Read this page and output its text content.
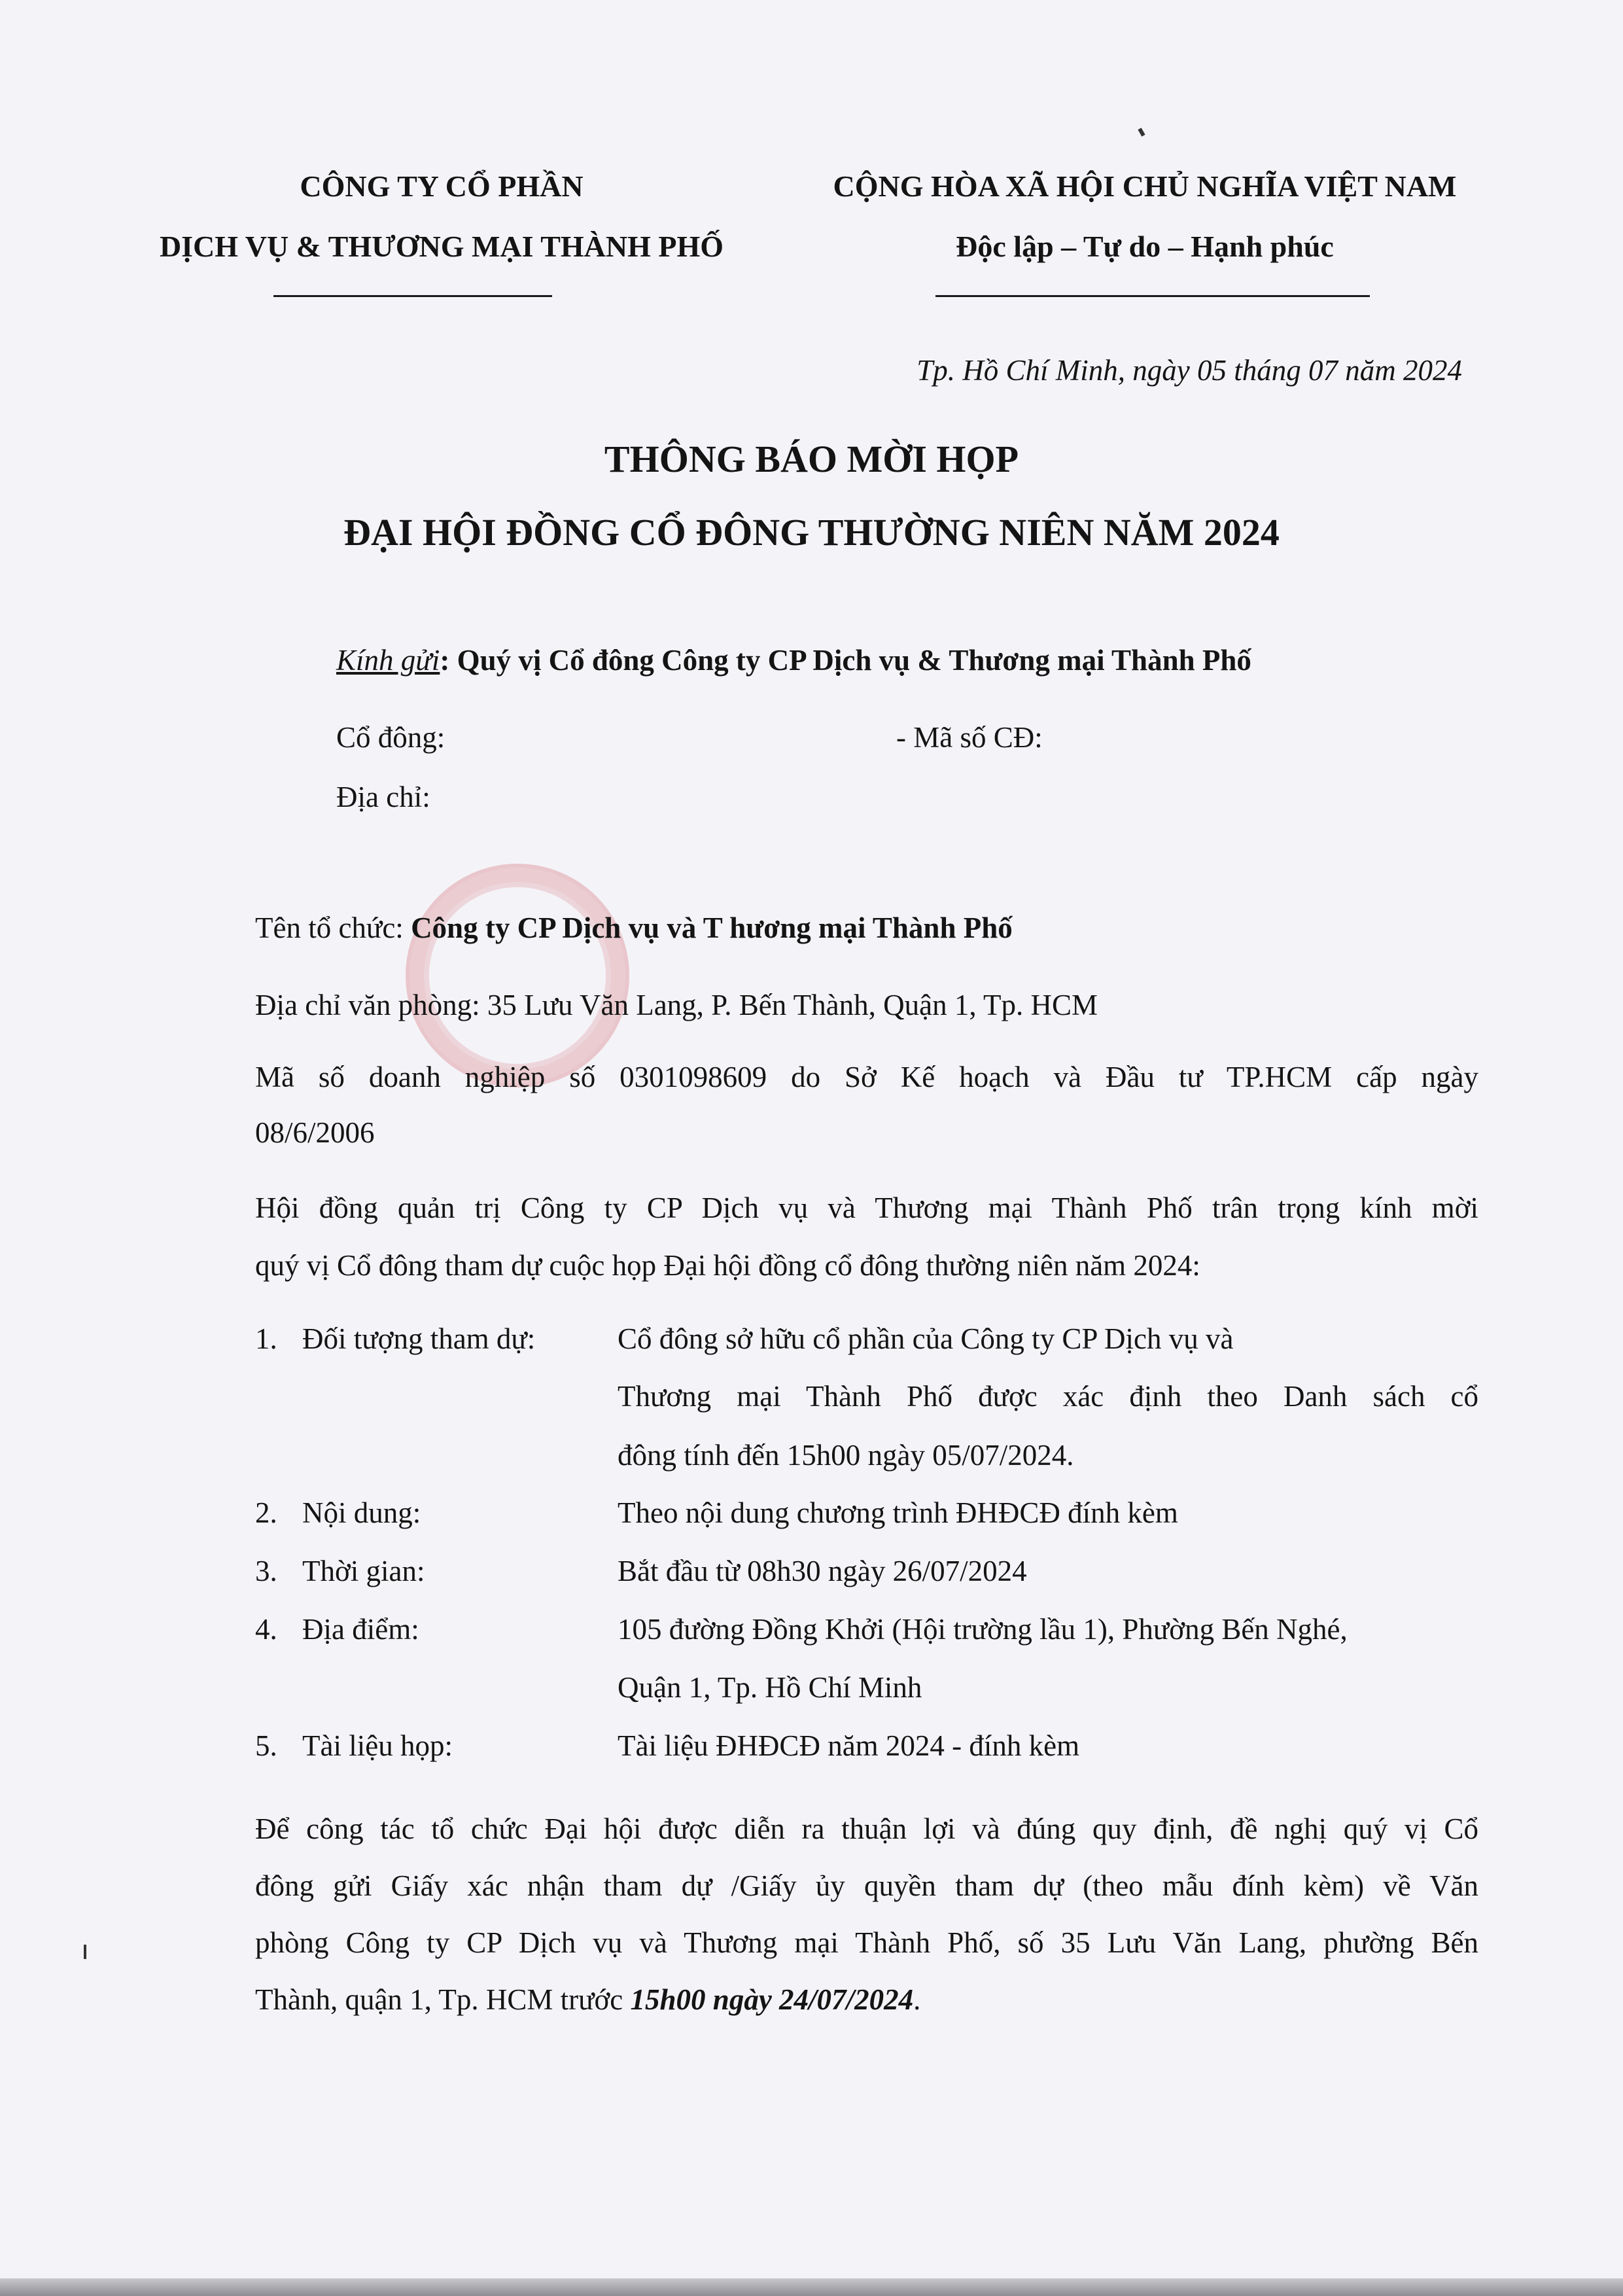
CÔNG TY CỔ PHẦN
DỊCH VỤ & THƯƠNG MẠI THÀNH PHỐ
CỘNG HÒA XÃ HỘI CHỦ NGHĨA VIỆT NAM
Độc lập – Tự do – Hạnh phúc
Tp. Hồ Chí Minh, ngày 05 tháng 07 năm 2024
THÔNG BÁO MỜI HỌP
ĐẠI HỘI ĐỒNG CỔ ĐÔNG THƯỜNG NIÊN NĂM 2024
Kính gửi: Quý vị Cổ đông Công ty CP Dịch vụ & Thương mại Thành Phố
Cổ đông:	- Mã số CĐ:
Địa chỉ:
Tên tổ chức: Công ty CP Dịch vụ và T hương mại Thành Phố
Địa chỉ văn phòng: 35 Lưu Văn Lang, P. Bến Thành, Quận 1, Tp. HCM
Mã số doanh nghiệp số 0301098609 do Sở Kế hoạch và Đầu tư TP.HCM cấp ngày
08/6/2006
Hội đồng quản trị Công ty CP Dịch vụ và Thương mại Thành Phố trân trọng kính mời
quý vị Cổ đông tham dự cuộc họp Đại hội đồng cổ đông thường niên năm 2024:
1. Đối tượng tham dự:	Cổ đông sở hữu cổ phần của Công ty CP Dịch vụ và
Thương mại Thành Phố được xác định theo Danh sách cổ
đông tính đến 15h00 ngày 05/07/2024.
2. Nội dung:	Theo nội dung chương trình ĐHĐCĐ đính kèm
3. Thời gian:	Bắt đầu từ 08h30 ngày 26/07/2024
4. Địa điểm:	105 đường Đồng Khởi (Hội trường lầu 1), Phường Bến Nghé,
Quận 1, Tp. Hồ Chí Minh
5. Tài liệu họp:	Tài liệu ĐHĐCĐ năm 2024 - đính kèm
Để công tác tổ chức Đại hội được diễn ra thuận lợi và đúng quy định, đề nghị quý vị Cổ
đông gửi Giấy xác nhận tham dự /Giấy ủy quyền tham dự (theo mẫu đính kèm) về Văn
phòng Công ty CP Dịch vụ và Thương mại Thành Phố, số 35 Lưu Văn Lang, phường Bến
Thành, quận 1, Tp. HCM trước 15h00 ngày 24/07/2024.
